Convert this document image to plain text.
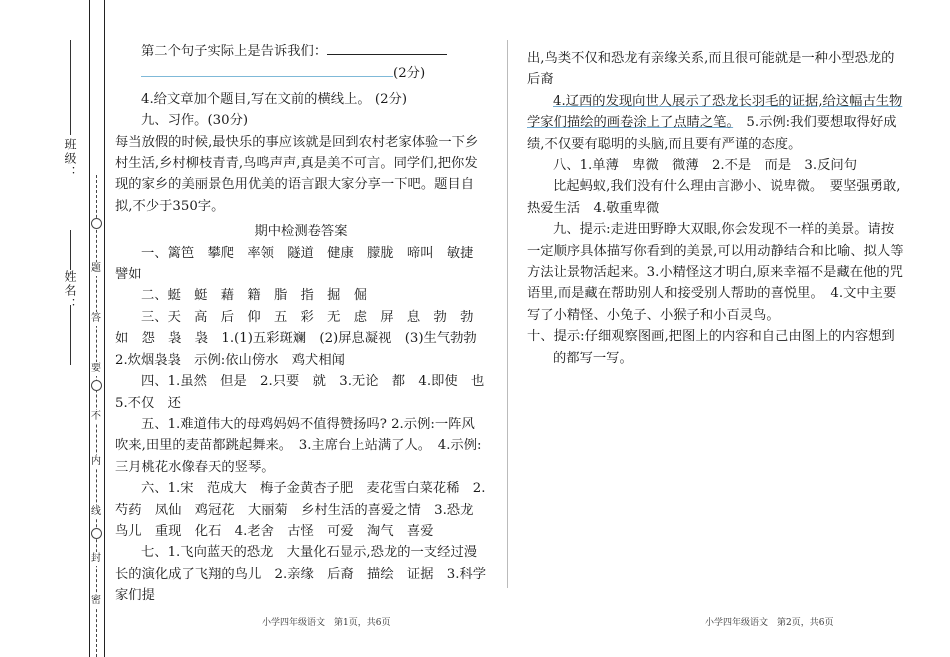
班级：
姓名：
题
答
要
不
内
线
封
密

第二个句子实际上是告诉我们：

(2分)

4.给文章加个题目,写在文前的横线上。 (2分)

九、习作。(30分)

每当放假的时候,最快乐的事应该就是回到农村老家体验一下乡村生活,乡村柳枝青青,鸟鸣声声,真是美不可言。同学们,把你发现的家乡的美丽景色用优美的语言跟大家分享一下吧。题目自拟,不少于350字。

期中检测卷答案

一、篱笆　攀爬　率领　隧道　健康　朦胧　啼叫　敏捷　譬如

二、蜓　蜓　藉　籍　脂　指　掘　倔

三、天　高　后　仰　五　彩　无　虑　屏　息　勃　勃　如　怨　袅　袅　1.(1)五彩斑斓　(2)屏息凝视　(3)生气勃勃　2.炊烟袅袅　示例:依山傍水　鸡犬相闻

四、1.虽然　但是　2.只要　就　3.无论　都　4.即使　也　5.不仅　还

五、1.难道伟大的母鸡妈妈不值得赞扬吗? 2.示例:一阵风吹来,田里的麦苗都跳起舞来。　3.主席台上站满了人。　4.示例:三月桃花水像春天的竖琴。

六、1.宋　范成大　梅子金黄杏子肥　麦花雪白菜花稀　2.芍药　凤仙　鸡冠花　大丽菊　乡村生活的喜爱之情　3.恐龙　鸟儿　重现　化石　4.老舍　古怪　可爱　淘气　喜爱

七、1.飞向蓝天的恐龙　大量化石显示,恐龙的一支经过漫长的演化成了飞翔的鸟儿　2.亲缘　后裔　描绘　证据　3.科学家们提

出,鸟类不仅和恐龙有亲缘关系,而且很可能就是一种小型恐龙的后裔

4.辽西的发现向世人展示了恐龙长羽毛的证据,给这幅古生物学家们描绘的画卷涂上了点睛之笔。　5.示例:我们要想取得好成绩,不仅要有聪明的头脑,而且要有严谨的态度。

八、1.单薄　卑微　微薄　2.不是　而是　3.反问句

比起蚂蚁,我们没有什么理由言渺小、说卑微。　要坚强勇敢,热爱生活　4.敬重卑微

九、提示:走进田野睁大双眼,你会发现不一样的美景。请按一定顺序具体描写你看到的美景,可以用动静结合和比喻、拟人等方法让景物活起来。3.小精怪这才明白,原来幸福不是藏在他的咒语里,而是藏在帮助别人和接受别人帮助的喜悦里。　4.文中主要写了小精怪、小兔子、小猴子和小百灵鸟。

十、提示:仔细观察图画,把图上的内容和自己由图上的内容想到的都写一写。

小学四年级语文　第1页，共6页	小学四年级语文　第2页，共6页
